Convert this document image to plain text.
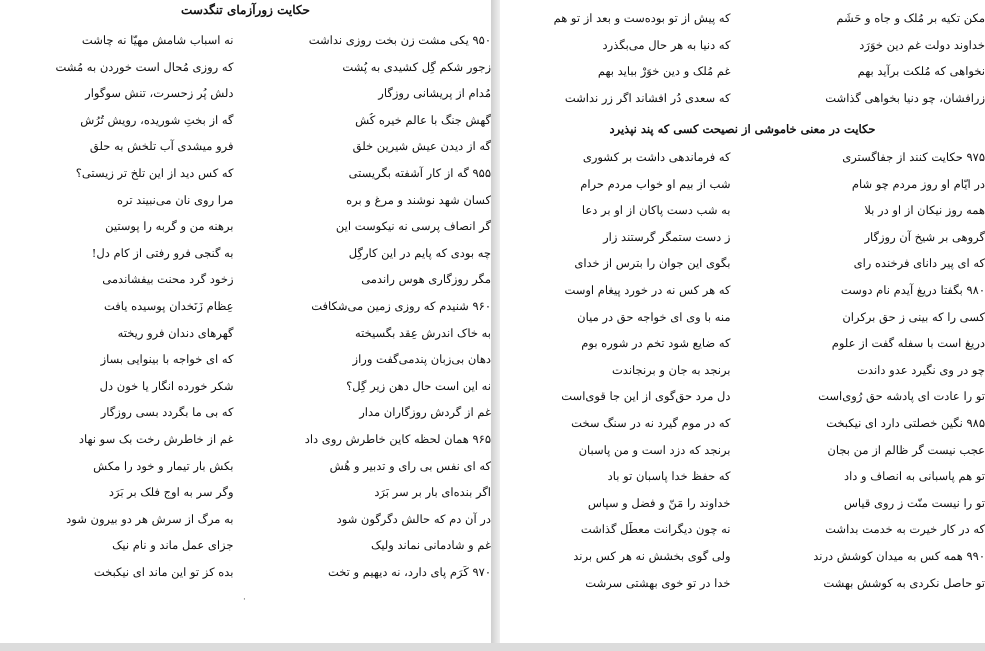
حکایت زورآزمای تنگدست
۹۵۰ یکی مشت زن بخت روزی نداشت
نه اسباب شامش مهیّا نه چاشت
زجور شکم گِل کشیدی به پُشت
که روزی مُحال است خوردن به مُشت
مُدام از پریشانی روزگار
دلش پُر زحسرت، تنش سوگوار
گهش جنگ با عالم خیره کُش
گه از بختِ شوریده، رویش تُرُش
گه از دیدن عیشِ شیرین خلق
فرو میشدی آب تلخش به حلق
۹۵۵ گه از کار آشفته بگریستی
که کس دید از این تلخ تر زیستی؟
کسان شهد نوشند و مرغ و بره
مرا روی نان می‌نبیند تره
گر انصاف پرسی نه نیکوست این
برهنه من و گربه را پوستین
چه بودی که پایم در این کارگِل
به گنجی فرو رفتی از کام دل!
مگر روزگاری هوس راندمی
زخود گرد محنت بیفشاندمی
۹۶۰ شنیدم که روزی زمین می‌شکافت
عِظام زَنَخدان پوسیده یافت
به خاک اندرش عِقد بگسیخته
گهرهای دندان فرو ریخته
دهان بی‌زبان پندمی‌گفت وراز
که ای خواجه با بینوایی بساز
نه این است حال دهن زیر گِل؟
شکر خورده انگار یا خون دل
غم از گردش روزگاران مدار
که بی ما بگردد بسی روزگار
۹۶۵ همان لحظه کاین خاطرش روی داد
غم از خاطرش رخت بک سو نهاد
که ای نفسِ بی رای و تدبیر و هُش
بکش بار تیمار و خود را مکش
اگر بنده‌ای بار بر سر بَرَد
وگر سر به اوج فلک بر بَرَد
در آن دم که حالش دگرگون شود
به مرگ از سرش هر دو بیرون شود
غم و شادمانی نماند ولیک
جزای عمل ماند و نام نیک
۹۷۰ کَرَم پای دارد، نه دیهیم و تخت
بده کز تو این ماند ای نیکبخت
·
مکن تکیه بر مُلک و جاه و حَشَم
که پیش از تو بوده‌ست و بعد از تو هم
خداوند دولت غم دین خوَرَد
که دنیا به هر حال می‌بگذرد
نخواهی که مُلکت برآید بهم
غم مُلک و دین خوَرْ بباید بهم
زرافشان، چو دنیا بخواهی گذاشت
که سعدی دُر افشاند اگر زر نداشت
حکایت در معنی خاموشی از نصیحت کسی که پند نپذیرد
۹۷۵ حکایت کنند از جفاگستری
که فرماندهی داشت بر کشوری
در ایّام او روز مردم چو شام
شب از بیم او خواب مردم حرام
همه روز نیکان از او در بلا
به شب دست پاکان از او بر دعا
گروهی بر شیخ آن روزگار
ز دست ستمگر گرستند زار
که ای پیر دانای فرخنده رای
بگوی این جوان را بترس از خدای
۹۸۰ بگفتا دریغ آیدم نام دوست
که هر کس نه در خورد پیغام اوست
کسی را که بینی ز حق برکران
منه با وی ای خواجه حق در میان
دریغ است با سفله گفت از علوم
که ضایع شود تخم در شوره بوم
چو در وی نگیرد عدو داندت
برنجد به جان و برنجاندت
تو را عادت ای پادشه حق رُوی‌است
دل مرد حق‌گوی از این جا قوی‌است
۹۸۵ نگین خصلتی دارد ای نیکبخت
که در موم گیرد نه در سنگ سخت
عجب نیست گر ظالم از من بجان
برنجد که دزد است و من پاسبان
تو هم پاسبانی به انصاف و داد
که حفظ خدا پاسبان تو باد
تو را نیست منّت ز روی قیاس
خداوند را مَنّ و فضل و سپاس
که در کار خیرت به خدمت بداشت
نه چون دیگرانت معطّل گذاشت
۹۹۰ همه کس به میدان کوشش درند
ولی گوی بخشش نه هر کس برند
تو حاصل نکردی به کوشش بهشت
خدا در تو خوی بهشتی سرشت
